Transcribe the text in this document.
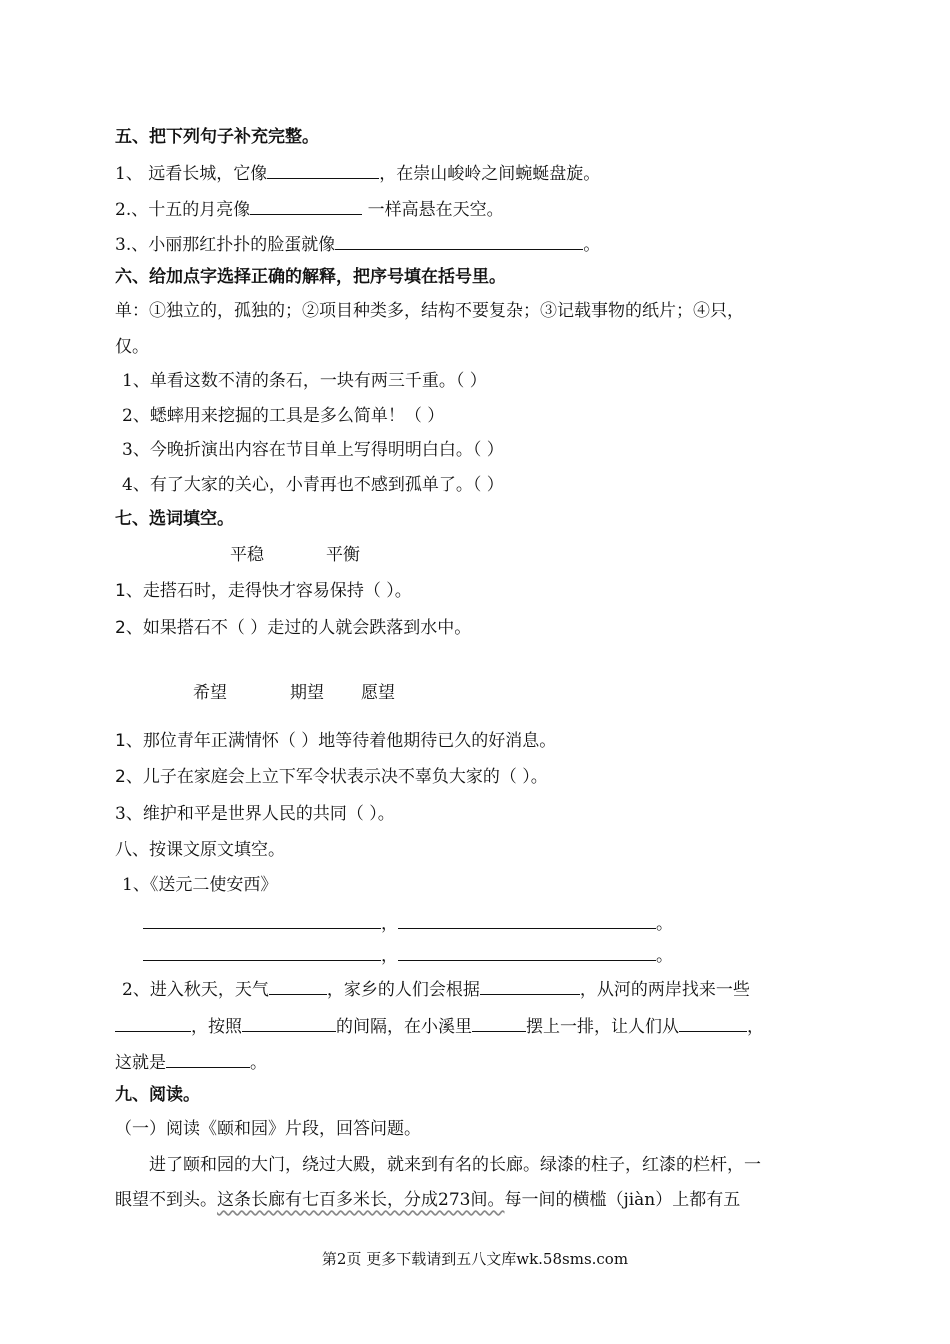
五、把下列句子补充完整。
1、 远看长城，它像	，在崇山峻岭之间蜿蜒盘旋。
2.、十五的月亮像	一样高悬在天空。
3.、小丽那红扑扑的脸蛋就像	。
六、给加点字选择正确的解释，把序号填在括号里。
单：①独立的，孤独的；②项目种类多，结构不要复杂；③记载事物的纸片；④只，
仅。
1、单看这数不清的条石，一块有两三千重。（ ）
2、蟋蟀用来挖掘的工具是多么简单！（ ）
3、今晚折演出内容在节目单上写得明明白白。（ ）
4、有了大家的关心，小青再也不感到孤单了。（ ）
七、选词填空。
平稳	平衡
1、走搭石时，走得快才容易保持（ ）。
2、如果搭石不（ ）走过的人就会跌落到水中。
希望	期望 愿望
1、那位青年正满情怀（ ）地等待着他期待已久的好消息。
2、儿子在家庭会上立下军令状表示决不辜负大家的（ ）。
3、维护和平是世界人民的共同（ ）。
八、按课文原文填空。
1、《送元二使安西》
，	。
，	。
2、进入秋天，天气	，家乡的人们会根据	，从河的两岸找来一些
，按照	的间隔，在小溪里	摆上一排，让人们从	，
这就是	。
九、阅读。
（一）阅读《颐和园》片段，回答问题。
进了颐和园的大门，绕过大殿，就来到有名的长廊。绿漆的柱子，红漆的栏杆，一
眼望不到头。这条长廊有七百多米长，分成273间。每一间的横槛（jiàn）上都有五
第2页 更多下载请到五八文库wk.58sms.com
